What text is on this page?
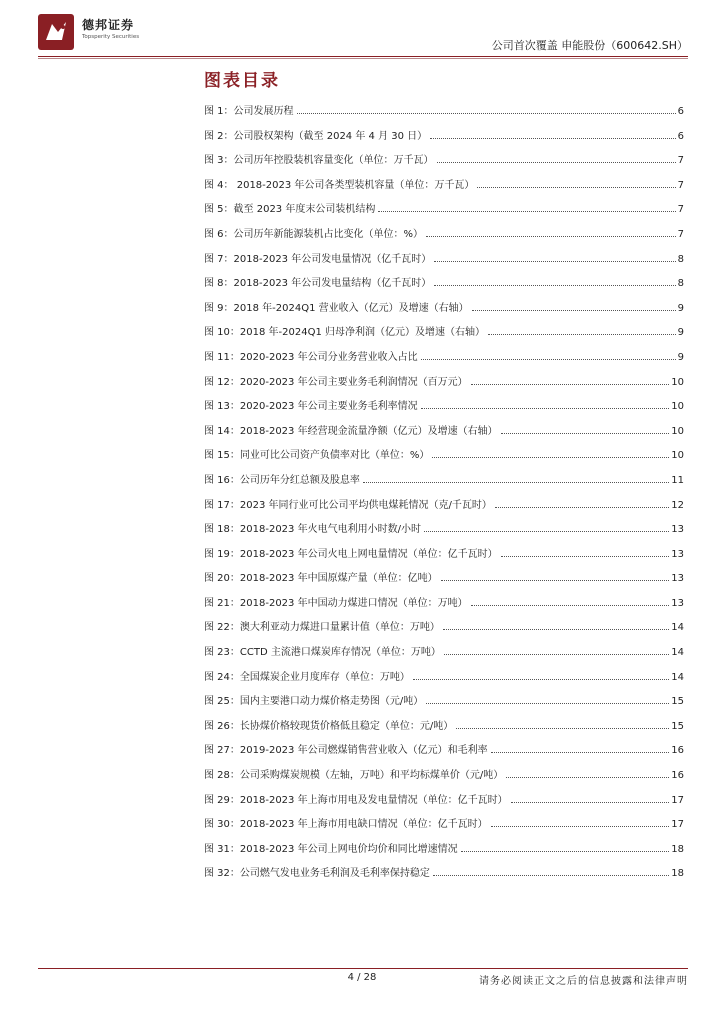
德邦证券
Topsperity Securities
公司首次覆盖 申能股份（600642.SH）
图表目录
图 1：公司发展历程	6
图 2：公司股权架构（截至 2024 年 4 月 30 日）	6
图 3：公司历年控股装机容量变化（单位：万千瓦）	7
图 4： 2018-2023 年公司各类型装机容量（单位：万千瓦）	7
图 5：截至 2023 年度末公司装机结构	7
图 6：公司历年新能源装机占比变化（单位：%）	7
图 7：2018-2023 年公司发电量情况（亿千瓦时）	8
图 8：2018-2023 年公司发电量结构（亿千瓦时）	8
图 9：2018 年-2024Q1 营业收入（亿元）及增速（右轴）	9
图 10：2018 年-2024Q1 归母净利润（亿元）及增速（右轴）	9
图 11：2020-2023 年公司分业务营业收入占比	9
图 12：2020-2023 年公司主要业务毛利润情况（百万元）	10
图 13：2020-2023 年公司主要业务毛利率情况	10
图 14：2018-2023 年经营现金流量净额（亿元）及增速（右轴）	10
图 15：同业可比公司资产负债率对比（单位：%）	10
图 16：公司历年分红总额及股息率	11
图 17：2023 年同行业可比公司平均供电煤耗情况（克/千瓦时）	12
图 18：2018-2023 年火电气电利用小时数/小时	13
图 19：2018-2023 年公司火电上网电量情况（单位：亿千瓦时）	13
图 20：2018-2023 年中国原煤产量（单位：亿吨）	13
图 21：2018-2023 年中国动力煤进口情况（单位：万吨）	13
图 22：澳大利亚动力煤进口量累计值（单位：万吨）	14
图 23：CCTD 主流港口煤炭库存情况（单位：万吨）	14
图 24：全国煤炭企业月度库存（单位：万吨）	14
图 25：国内主要港口动力煤价格走势图（元/吨）	15
图 26：长协煤价格较现货价格低且稳定（单位：元/吨）	15
图 27：2019-2023 年公司燃煤销售营业收入（亿元）和毛利率	16
图 28：公司采购煤炭规模（左轴，万吨）和平均标煤单价（元/吨）	16
图 29：2018-2023 年上海市用电及发电量情况（单位：亿千瓦时）	17
图 30：2018-2023 年上海市用电缺口情况（单位：亿千瓦时）	17
图 31：2018-2023 年公司上网电价均价和同比增速情况	18
图 32：公司燃气发电业务毛利润及毛利率保持稳定	18
4 / 28	请务必阅读正文之后的信息披露和法律声明
